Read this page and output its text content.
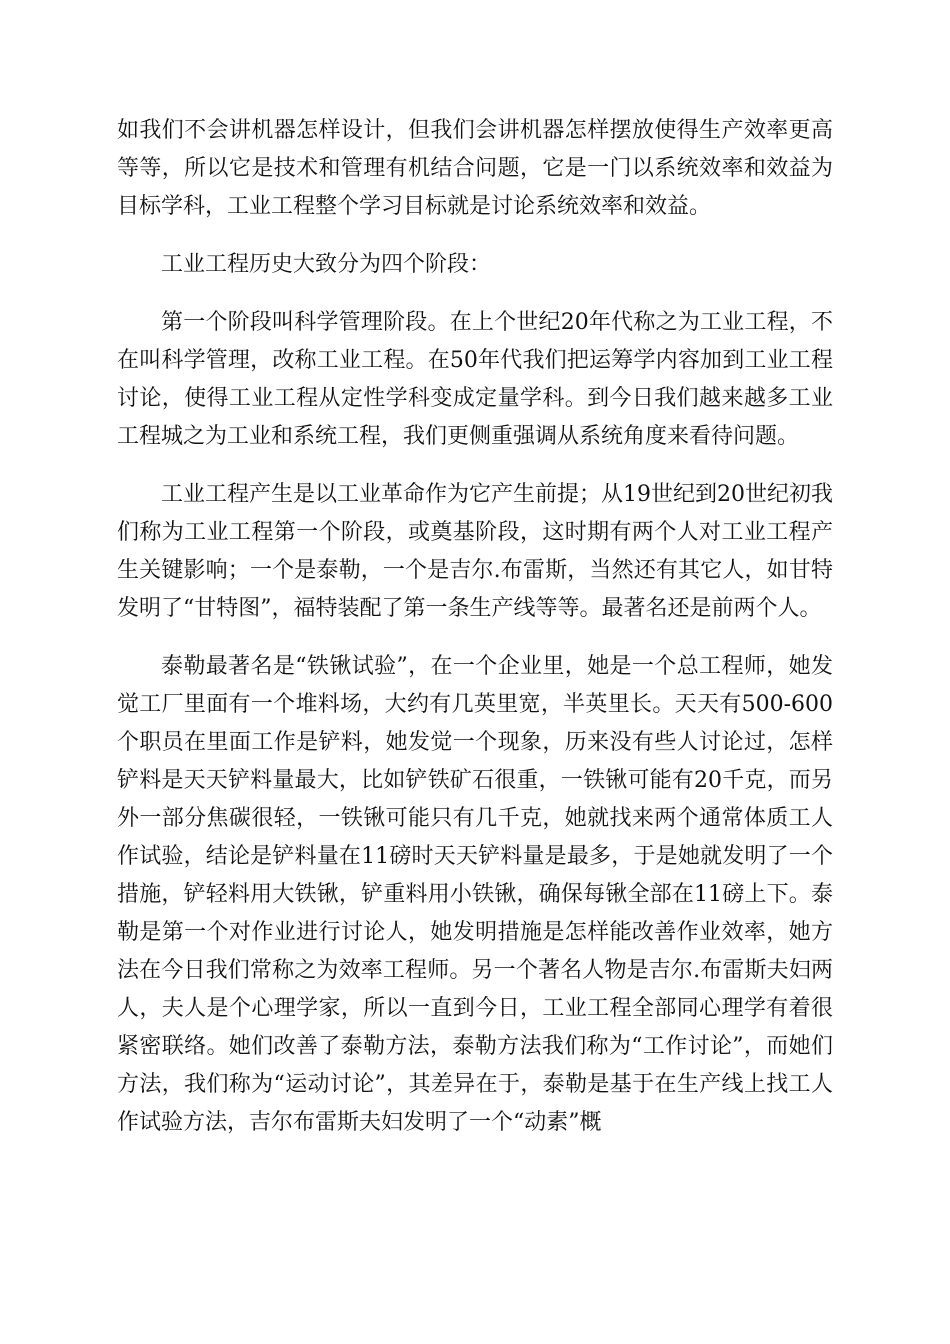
如我们不会讲机器怎样设计，但我们会讲机器怎样摆放使得生产效率更高等等，所以它是技术和管理有机结合问题，它是一门以系统效率和效益为目标学科，工业工程整个学习目标就是讨论系统效率和效益。

工业工程历史大致分为四个阶段：

第一个阶段叫科学管理阶段。在上个世纪20年代称之为工业工程，不在叫科学管理，改称工业工程。在50年代我们把运筹学内容加到工业工程讨论，使得工业工程从定性学科变成定量学科。到今日我们越来越多工业工程城之为工业和系统工程，我们更侧重强调从系统角度来看待问题。

工业工程产生是以工业革命作为它产生前提；从19世纪到20世纪初我们称为工业工程第一个阶段，或奠基阶段，这时期有两个人对工业工程产生关键影响；一个是泰勒，一个是吉尔.布雷斯，当然还有其它人，如甘特发明了“甘特图”，福特装配了第一条生产线等等。最著名还是前两个人。

泰勒最著名是“铁锹试验”，在一个企业里，她是一个总工程师，她发觉工厂里面有一个堆料场，大约有几英里宽，半英里长。天天有500-600个职员在里面工作是铲料，她发觉一个现象，历来没有些人讨论过，怎样铲料是天天铲料量最大，比如铲铁矿石很重，一铁锹可能有20千克，而另外一部分焦碳很轻，一铁锹可能只有几千克，她就找来两个通常体质工人作试验，结论是铲料量在11磅时天天铲料量是最多，于是她就发明了一个措施，铲轻料用大铁锹，铲重料用小铁锹，确保每锹全部在11磅上下。泰勒是第一个对作业进行讨论人，她发明措施是怎样能改善作业效率，她方法在今日我们常称之为效率工程师。另一个著名人物是吉尔.布雷斯夫妇两人，夫人是个心理学家，所以一直到今日，工业工程全部同心理学有着很紧密联络。她们改善了泰勒方法，泰勒方法我们称为“工作讨论”，而她们方法，我们称为“运动讨论”，其差异在于，泰勒是基于在生产线上找工人作试验方法，吉尔布雷斯夫妇发明了一个“动素”概
